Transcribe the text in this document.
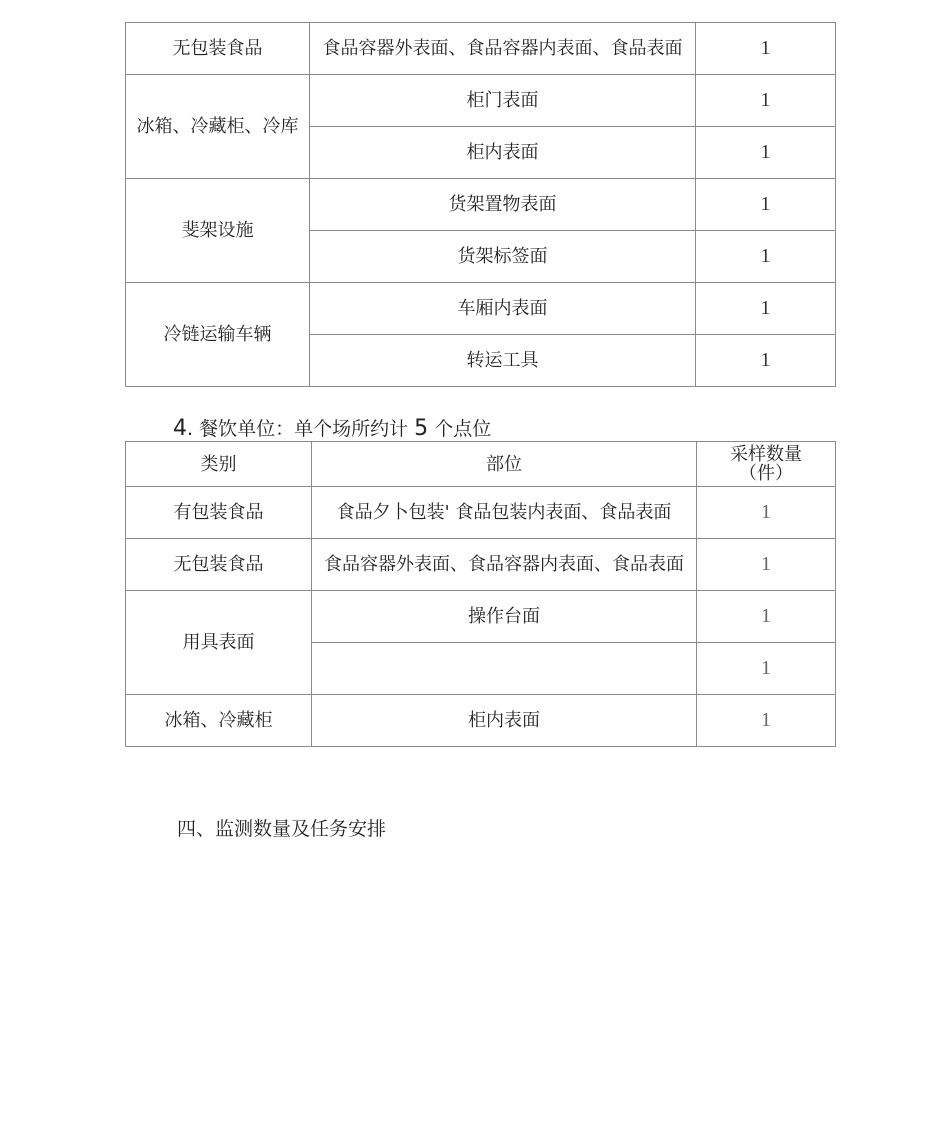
无包装食品	食品容器外表面、食品容器内表面、食品表面	1
冰箱、冷藏柜、冷库	柜门表面	1
	柜内表面	1
斐架设施	货架置物表面	1
	货架标签面	1
冷链运输车辆	车厢内表面	1
	转运工具	1
4. 餐饮单位：单个场所约计 5 个点位
类别	部位	采样数量
（件）
有包装食品	食品夕卜包装' 食品包装内表面、食品表面	1
无包装食品	食品容器外表面、食品容器内表面、食品表面	1
用具表面	操作台面	1
		1
冰箱、冷藏柜	柜内表面	1
四、监测数量及任务安排
